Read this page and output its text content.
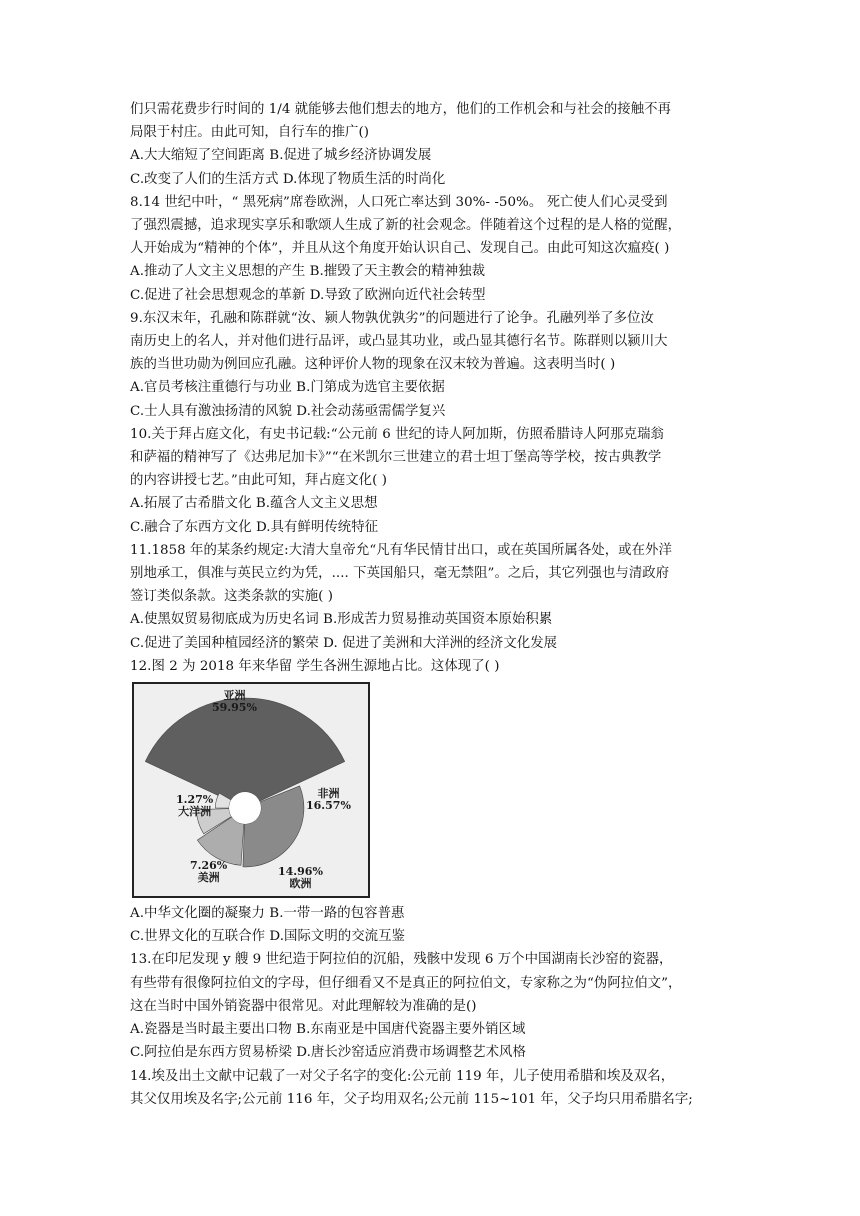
们只需花费步行时间的 1/4 就能够去他们想去的地方，他们的工作机会和与社会的接触不再
局限于村庄。由此可知，自行车的推广()
A.大大缩短了空间距离 B.促进了城乡经济协调发展
C.改变了人们的生活方式 D.体现了物质生活的时尚化
8.14 世纪中叶，“ 黑死病”席卷欧洲，人口死亡率达到 30%- -50%。 死亡使人们心灵受到
了强烈震撼，追求现实享乐和歌颂人生成了新的社会观念。伴随着这个过程的是人格的觉醒，
人开始成为“精神的个体”，并且从这个角度开始认识自己、发现自己。由此可知这次瘟疫( )
A.推动了人文主义思想的产生 B.摧毁了天主教会的精神独裁
C.促进了社会思想观念的革新 D.导致了欧洲向近代社会转型
9.东汉末年，孔融和陈群就“汝、颍人物孰优孰劣”的问题进行了论争。孔融列举了多位汝
南历史上的名人，并对他们进行品评，或凸显其功业，或凸显其德行名节。陈群则以颍川大
族的当世功勋为例回应孔融。这种评价人物的现象在汉末较为普遍。这表明当时( )
A.官员考核注重德行与功业 B.门第成为选官主要依据
C.士人具有激浊扬清的风貌 D.社会动荡亟需儒学复兴
10.关于拜占庭文化，有史书记载:“公元前 6 世纪的诗人阿加斯，仿照希腊诗人阿那克瑞翁
和萨福的精神写了《达弗尼加卡》”“在米凯尔三世建立的君士坦丁堡高等学校，按古典教学
的内容讲授七艺。”由此可知，拜占庭文化( )
A.拓展了古希腊文化 B.蕴含人文主义思想
C.融合了东西方文化 D.具有鲜明传统特征
11.1858 年的某条约规定:大清大皇帝允“凡有华民情甘出口，或在英国所属各处，或在外洋
别地承工，俱准与英民立约为凭，.... 下英国船只，毫无禁阻”。之后，其它列强也与清政府
签订类似条款。这类条款的实施( )
A.使黑奴贸易彻底成为历史名词 B.形成苦力贸易推动英国资本原始积累
C.促进了美国种植园经济的繁荣 D. 促进了美洲和大洋洲的经济文化发展
12.图 2 为 2018 年来华留 学生各洲生源地占比。这体现了( )
亚洲
59.95%
非洲
16.57%
14.96%
欧洲
7.26%
美洲
1.27%
大洋洲
A.中华文化圈的凝聚力 B.一带一路的包容普惠
C.世界文化的互联合作 D.国际文明的交流互鉴
13.在印尼发现 y 艘 9 世纪造于阿拉伯的沉船，残骸中发现 6 万个中国湖南长沙窑的瓷器，
有些带有很像阿拉伯文的字母，但仔细看又不是真正的阿拉伯文，专家称之为“伪阿拉伯文”，
这在当时中国外销瓷器中很常见。对此理解较为准确的是()
A.瓷器是当时最主要出口物 B.东南亚是中国唐代瓷器主要外销区域
C.阿拉伯是东西方贸易桥梁 D.唐长沙窑适应消费市场调整艺术风格
14.埃及出土文献中记载了一对父子名字的变化:公元前 119 年，儿子使用希腊和埃及双名，
其父仅用埃及名字;公元前 116 年，父子均用双名;公元前 115~101 年，父子均只用希腊名字;
